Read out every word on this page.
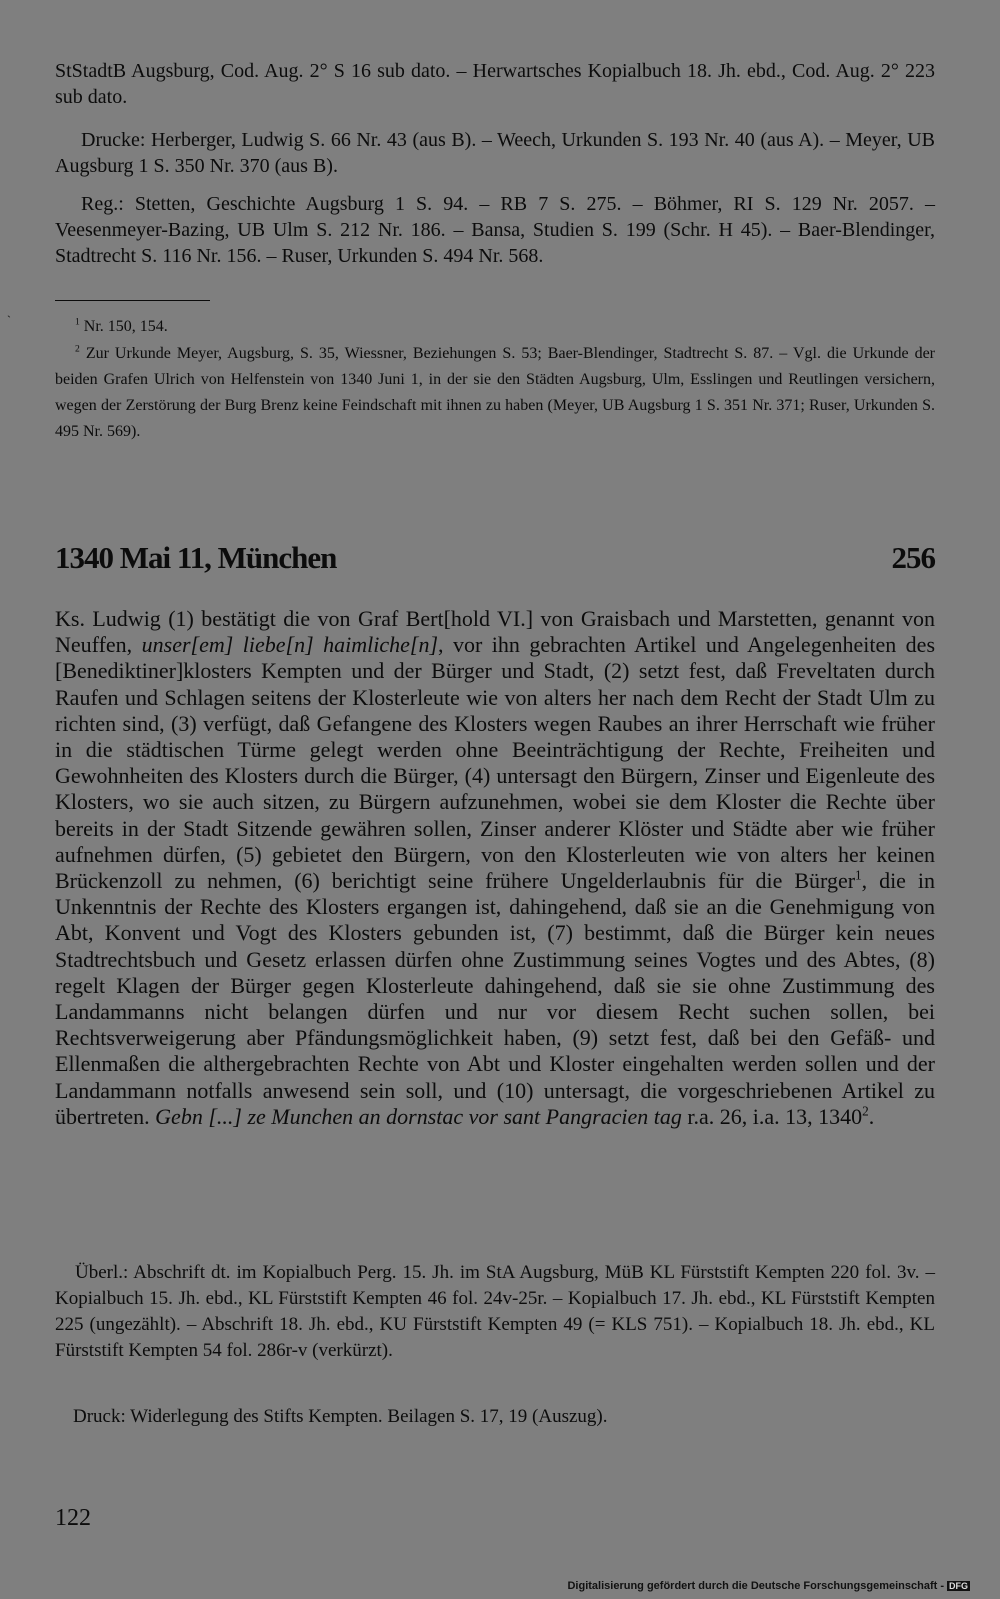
`

StStadtB Augsburg, Cod. Aug. 2° S 16 sub dato. – Herwartsches Kopialbuch 18. Jh. ebd., Cod. Aug. 2° 223 sub dato.

Drucke: Herberger, Ludwig S. 66 Nr. 43 (aus B). – Weech, Urkunden S. 193 Nr. 40 (aus A). – Meyer, UB Augsburg 1 S. 350 Nr. 370 (aus B).

Reg.: Stetten, Geschichte Augsburg 1 S. 94. – RB 7 S. 275. – Böhmer, RI S. 129 Nr. 2057. – Veesenmeyer-Bazing, UB Ulm S. 212 Nr. 186. – Bansa, Studien S. 199 (Schr. H 45). – Baer-Blendinger, Stadtrecht S. 116 Nr. 156. – Ruser, Urkunden S. 494 Nr. 568.

$^1$ Nr. 150, 154.
$^2$ Zur Urkunde Meyer, Augsburg, S. 35, Wiessner, Beziehungen S. 53; Baer-Blendinger, Stadtrecht S. 87. – Vgl. die Urkunde der beiden Grafen Ulrich von Helfenstein von 1340 Juni 1, in der sie den Städten Augsburg, Ulm, Esslingen und Reutlingen versichern, wegen der Zerstörung der Burg Brenz keine Feindschaft mit ihnen zu haben (Meyer, UB Augsburg 1 S. 351 Nr. 371; Ruser, Urkunden S. 495 Nr. 569).
1340 Mai 11, München	256

Ks. Ludwig (1) bestätigt die von Graf Bert[hold VI.] von Graisbach und Marstetten, genannt von Neuffen, unser[em] liebe[n] haimliche[n], vor ihn gebrachten Artikel und Angelegenheiten des [Benediktiner]klosters Kempten und der Bürger und Stadt, (2) setzt fest, daß Freveltaten durch Raufen und Schlagen seitens der Klosterleute wie von alters her nach dem Recht der Stadt Ulm zu richten sind, (3) verfügt, daß Gefangene des Klosters wegen Raubes an ihrer Herrschaft wie früher in die städtischen Türme gelegt werden ohne Beeinträchtigung der Rechte, Freiheiten und Gewohnheiten des Klosters durch die Bürger, (4) untersagt den Bürgern, Zinser und Eigenleute des Klosters, wo sie auch sitzen, zu Bürgern aufzunehmen, wobei sie dem Kloster die Rechte über bereits in der Stadt Sitzende gewähren sollen, Zinser anderer Klöster und Städte aber wie früher aufnehmen dürfen, (5) gebietet den Bürgern, von den Klosterleuten wie von alters her keinen Brückenzoll zu nehmen, (6) berichtigt seine frühere Ungelderlaubnis für die Bürger$^1$, die in Unkenntnis der Rechte des Klosters ergangen ist, dahingehend, daß sie an die Genehmigung von Abt, Konvent und Vogt des Klosters gebunden ist, (7) bestimmt, daß die Bürger kein neues Stadtrechtsbuch und Gesetz erlassen dürfen ohne Zustimmung seines Vogtes und des Abtes, (8) regelt Klagen der Bürger gegen Klosterleute dahingehend, daß sie sie ohne Zustimmung des Landammanns nicht belangen dürfen und nur vor diesem Recht suchen sollen, bei Rechtsverweigerung aber Pfändungsmöglichkeit haben, (9) setzt fest, daß bei den Gefäß- und Ellenmaßen die althergebrachten Rechte von Abt und Kloster eingehalten werden sollen und der Landammann notfalls anwesend sein soll, und (10) untersagt, die vorgeschriebenen Artikel zu übertreten. Gebn [...] ze Munchen an dornstac vor sant Pangracien tag r.a. 26, i.a. 13, 1340$^2$.

Überl.: Abschrift dt. im Kopialbuch Perg. 15. Jh. im StA Augsburg, MüB KL Fürststift Kempten 220 fol. 3v. – Kopialbuch 15. Jh. ebd., KL Fürststift Kempten 46 fol. 24v-25r. – Kopialbuch 17. Jh. ebd., KL Fürststift Kempten 225 (ungezählt). – Abschrift 18. Jh. ebd., KU Fürststift Kempten 49 (= KLS 751). – Kopialbuch 18. Jh. ebd., KL Fürststift Kempten 54 fol. 286r-v (verkürzt).

Druck: Widerlegung des Stifts Kempten. Beilagen S. 17, 19 (Auszug).

122
Digitalisierung gefördert durch die Deutsche Forschungsgemeinschaft - DFG
